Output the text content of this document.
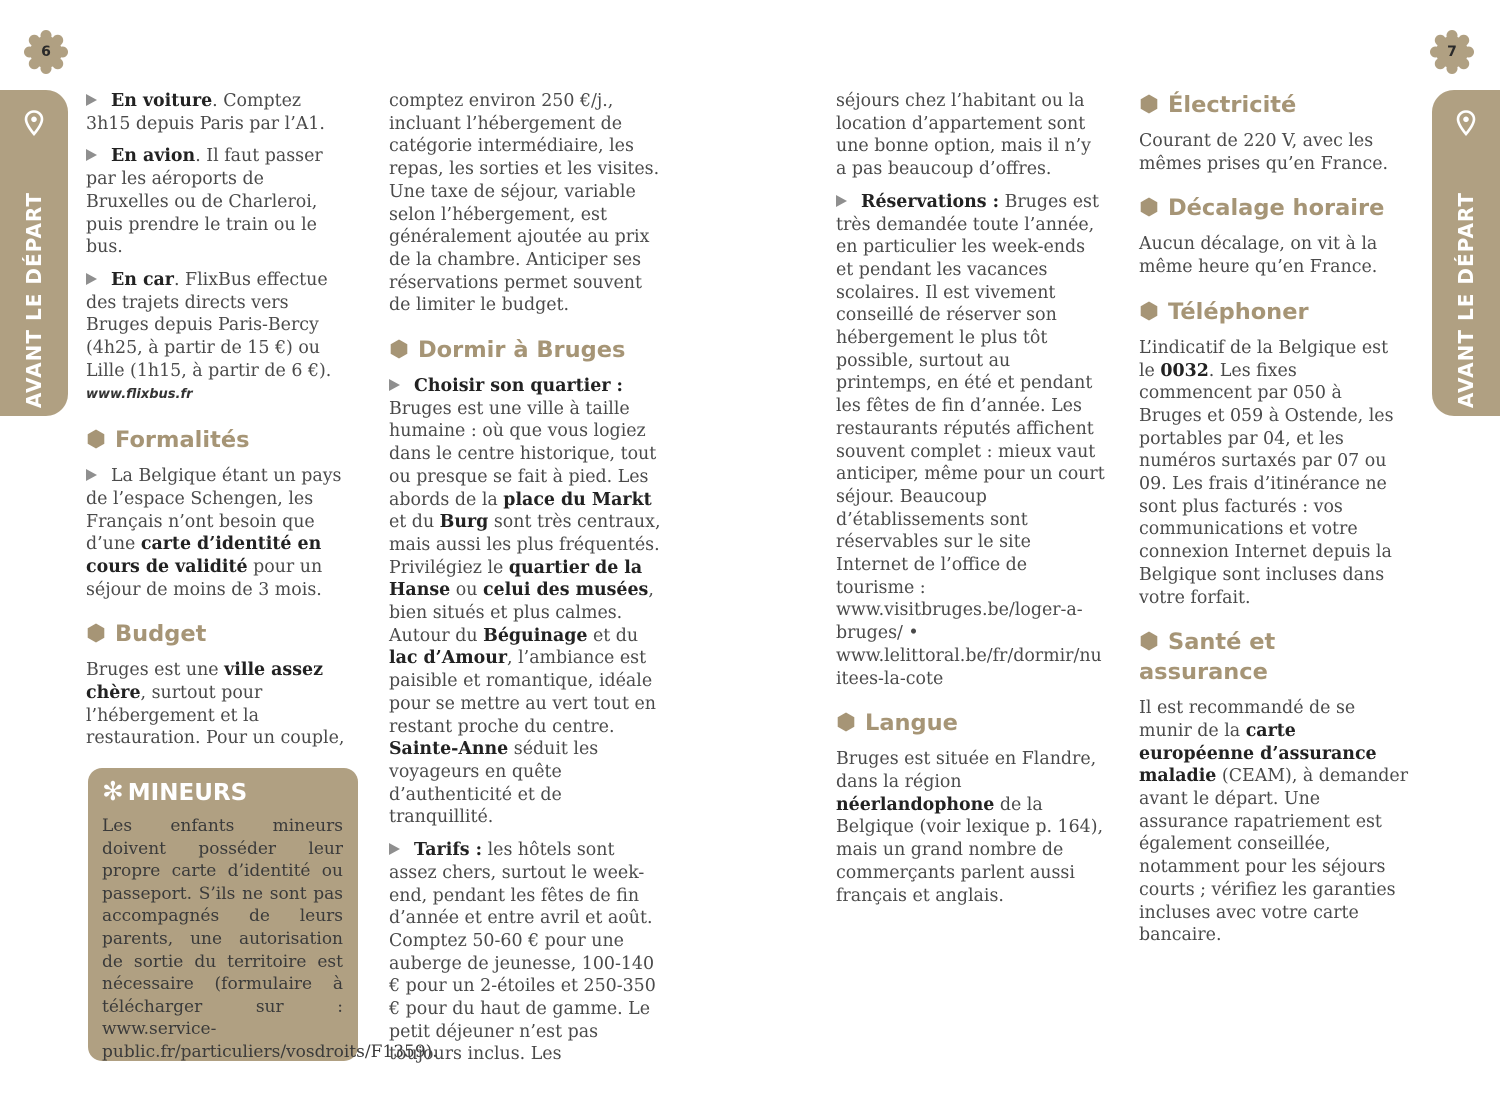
6
AVANT LE DÉPART

En voiture. Comptez 3h15 depuis Paris par l’A1.

En avion. Il faut passer par les aéroports de Bruxelles ou de Charleroi, puis prendre le train ou le bus.

En car. FlixBus effectue des trajets directs vers Bruges depuis Paris-Bercy (4h25, à partir de 15 €) ou Lille (1h15, à partir de 6 €).

www.flixbus.fr
Formalités

La Belgique étant un pays de l’espace Schengen, les Français n’ont besoin que d’une carte d’identité en cours de validité pour un séjour de moins de 3 mois.

Budget

Bruges est une ville assez chère, surtout pour l’hébergement et la restauration. Pour un couple,

✻ MINEURS
Les enfants mineurs doivent posséder leur propre carte d’identité ou passeport. S’ils ne sont pas accompagnés de leurs parents, une autorisation de sortie du territoire est nécessaire (formulaire à télécharger sur : www.service-public.fr/particuliers/vosdroits/F1359).

comptez environ 250 €/j., incluant l’hébergement de catégorie intermédiaire, les repas, les sorties et les visites. Une taxe de séjour, variable selon l’hébergement, est généralement ajoutée au prix de la chambre. Anticiper ses réservations permet souvent de limiter le budget.

Dormir à Bruges

Choisir son quartier : Bruges est une ville à taille humaine : où que vous logiez dans le centre historique, tout ou presque se fait à pied. Les abords de la place du Markt et du Burg sont très centraux, mais aussi les plus fréquentés. Privilégiez le quartier de la Hanse ou celui des musées, bien situés et plus calmes. Autour du Béguinage et du lac d’Amour, l’ambiance est paisible et romantique, idéale pour se mettre au vert tout en restant proche du centre. Sainte-Anne séduit les voyageurs en quête d’authenticité et de tranquillité.

Tarifs : les hôtels sont assez chers, surtout le week-end, pendant les fêtes de fin d’année et entre avril et août. Comptez 50-60 € pour une auberge de jeunesse, 100-140 € pour un 2-étoiles et 250-350 € pour du haut de gamme. Le petit déjeuner n’est pas toujours inclus. Les

7
AVANT LE DÉPART

séjours chez l’habitant ou la location d’appartement sont une bonne option, mais il n’y a pas beaucoup d’offres.

Réservations : Bruges est très demandée toute l’année, en particulier les week-ends et pendant les vacances scolaires. Il est vivement conseillé de réserver son hébergement le plus tôt possible, surtout au printemps, en été et pendant les fêtes de fin d’année. Les restaurants réputés affichent souvent complet : mieux vaut anticiper, même pour un court séjour. Beaucoup d’établissements sont réservables sur le site Internet de l’office de tourisme : www.visitbruges.be/loger-a-bruges/ • www.lelittoral.be/fr/dormir/nuitees-la-cote

Langue

Bruges est située en Flandre, dans la région néerlandophone de la Belgique (voir lexique p. 164), mais un grand nombre de commerçants parlent aussi français et anglais.

Électricité

Courant de 220 V, avec les mêmes prises qu’en France.

Décalage horaire

Aucun décalage, on vit à la même heure qu’en France.

Téléphoner

L’indicatif de la Belgique est le 0032. Les fixes commencent par 050 à Bruges et 059 à Ostende, les portables par 04, et les numéros surtaxés par 07 ou 09. Les frais d’itinérance ne sont plus facturés : vos communications et votre connexion Internet depuis la Belgique sont incluses dans votre forfait.

Santé et assurance

Il est recommandé de se munir de la carte européenne d’assurance maladie (CEAM), à demander avant le départ. Une assurance rapatriement est également conseillée, notamment pour les séjours courts ; vérifiez les garanties incluses avec votre carte bancaire.
